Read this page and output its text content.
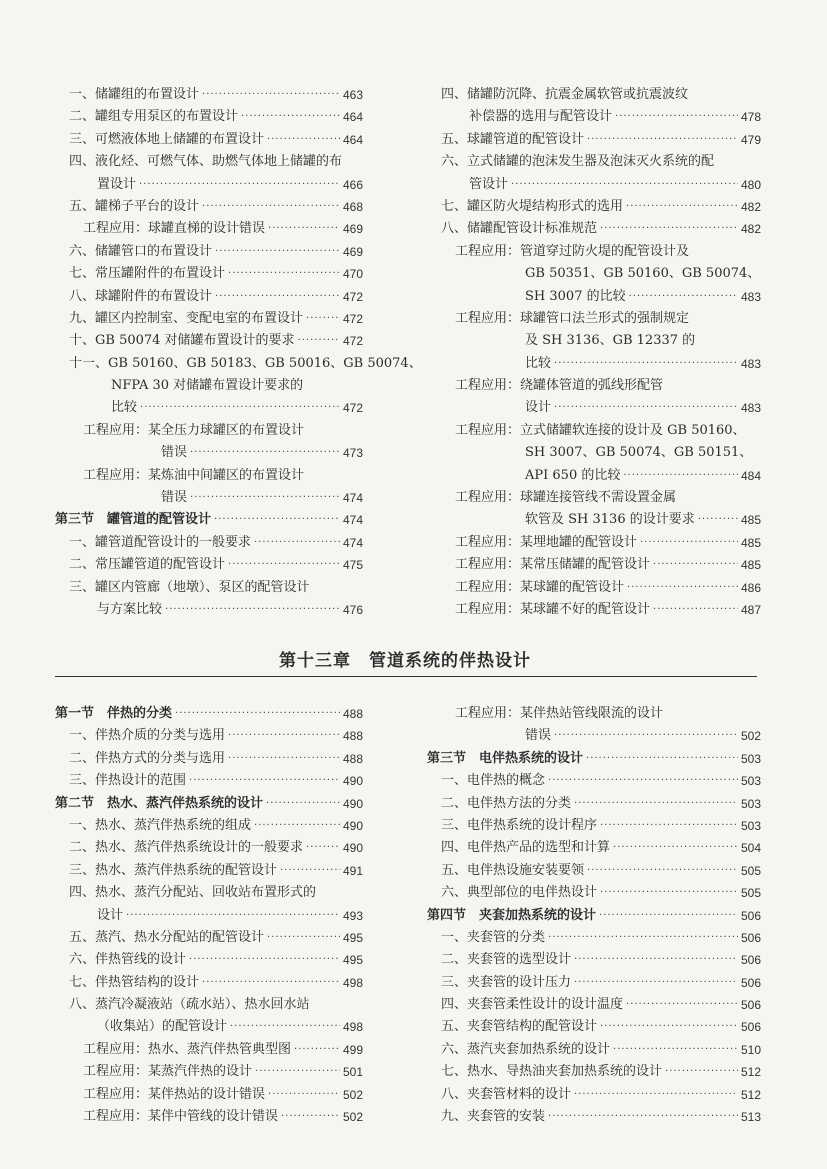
一、储罐组的布置设计 ·····	463
二、罐组专用泵区的布置设计 ·····	464
三、可燃液体地上储罐的布置设计 ·····	464
四、液化烃、可燃气体、助燃气体地上储罐的布
置设计 ·····	466
五、罐梯子平台的设计 ·····	468
工程应用：球罐直梯的设计错误 ·····	469
六、储罐管口的布置设计 ·····	469
七、常压罐附件的布置设计 ·····	470
八、球罐附件的布置设计 ·····	472
九、罐区内控制室、变配电室的布置设计 ·····	472
十、GB 50074 对储罐布置设计的要求 ·····	472
十一、GB 50160、GB 50183、GB 50016、GB 50074、
NFPA 30 对储罐布置设计要求的
比较 ·····	472
工程应用：某全压力球罐区的布置设计
错误 ·····	473
工程应用：某炼油中间罐区的布置设计
错误 ·····	474
第三节　罐管道的配管设计 ·····	474
一、罐管道配管设计的一般要求 ·····	474
二、常压罐管道的配管设计 ·····	475
三、罐区内管廊（地墩）、泵区的配管设计
与方案比较 ·····	476
四、储罐防沉降、抗震金属软管或抗震波纹
补偿器的选用与配管设计 ·····	478
五、球罐管道的配管设计 ·····	479
六、立式储罐的泡沫发生器及泡沫灭火系统的配
管设计 ·····	480
七、罐区防火堤结构形式的选用 ·····	482
八、储罐配管设计标准规范 ·····	482
工程应用：管道穿过防火堤的配管设计及
GB 50351、GB 50160、GB 50074、
SH 3007 的比较 ·····	483
工程应用：球罐管口法兰形式的强制规定
及 SH 3136、GB 12337 的
比较 ·····	483
工程应用：绕罐体管道的弧线形配管
设计 ·····	483
工程应用：立式储罐软连接的设计及 GB 50160、
SH 3007、GB 50074、GB 50151、
API 650 的比较 ·····	484
工程应用：球罐连接管线不需设置金属
软管及 SH 3136 的设计要求 ·····	485
工程应用：某埋地罐的配管设计 ·····	485
工程应用：某常压储罐的配管设计 ·····	485
工程应用：某球罐的配管设计 ·····	486
工程应用：某球罐不好的配管设计 ·····	487
第十三章　管道系统的伴热设计
第一节　伴热的分类 ·····	488
一、伴热介质的分类与选用 ·····	488
二、伴热方式的分类与选用 ·····	488
三、伴热设计的范围 ·····	490
第二节　热水、蒸汽伴热系统的设计 ·····	490
一、热水、蒸汽伴热系统的组成 ·····	490
二、热水、蒸汽伴热系统设计的一般要求 ·····	490
三、热水、蒸汽伴热系统的配管设计 ·····	491
四、热水、蒸汽分配站、回收站布置形式的
设计 ·····	493
五、蒸汽、热水分配站的配管设计 ·····	495
六、伴热管线的设计 ·····	495
七、伴热管结构的设计 ·····	498
八、蒸汽冷凝液站（疏水站）、热水回水站
（收集站）的配管设计 ·····	498
工程应用：热水、蒸汽伴热管典型图 ·····	499
工程应用：某蒸汽伴热的设计 ·····	501
工程应用：某伴热站的设计错误 ·····	502
工程应用：某伴中管线的设计错误 ·····	502
工程应用：某伴热站管线限流的设计
错误 ·····	502
第三节　电伴热系统的设计 ·····	503
一、电伴热的概念 ·····	503
二、电伴热方法的分类 ·····	503
三、电伴热系统的设计程序 ·····	503
四、电伴热产品的选型和计算 ·····	504
五、电伴热设施安装要领 ·····	505
六、典型部位的电伴热设计 ·····	505
第四节　夹套加热系统的设计 ·····	506
一、夹套管的分类 ·····	506
二、夹套管的选型设计 ·····	506
三、夹套管的设计压力 ·····	506
四、夹套管柔性设计的设计温度 ·····	506
五、夹套管结构的配管设计 ·····	506
六、蒸汽夹套加热系统的设计 ·····	510
七、热水、导热油夹套加热系统的设计 ·····	512
八、夹套管材料的设计 ·····	512
九、夹套管的安装 ·····	513
